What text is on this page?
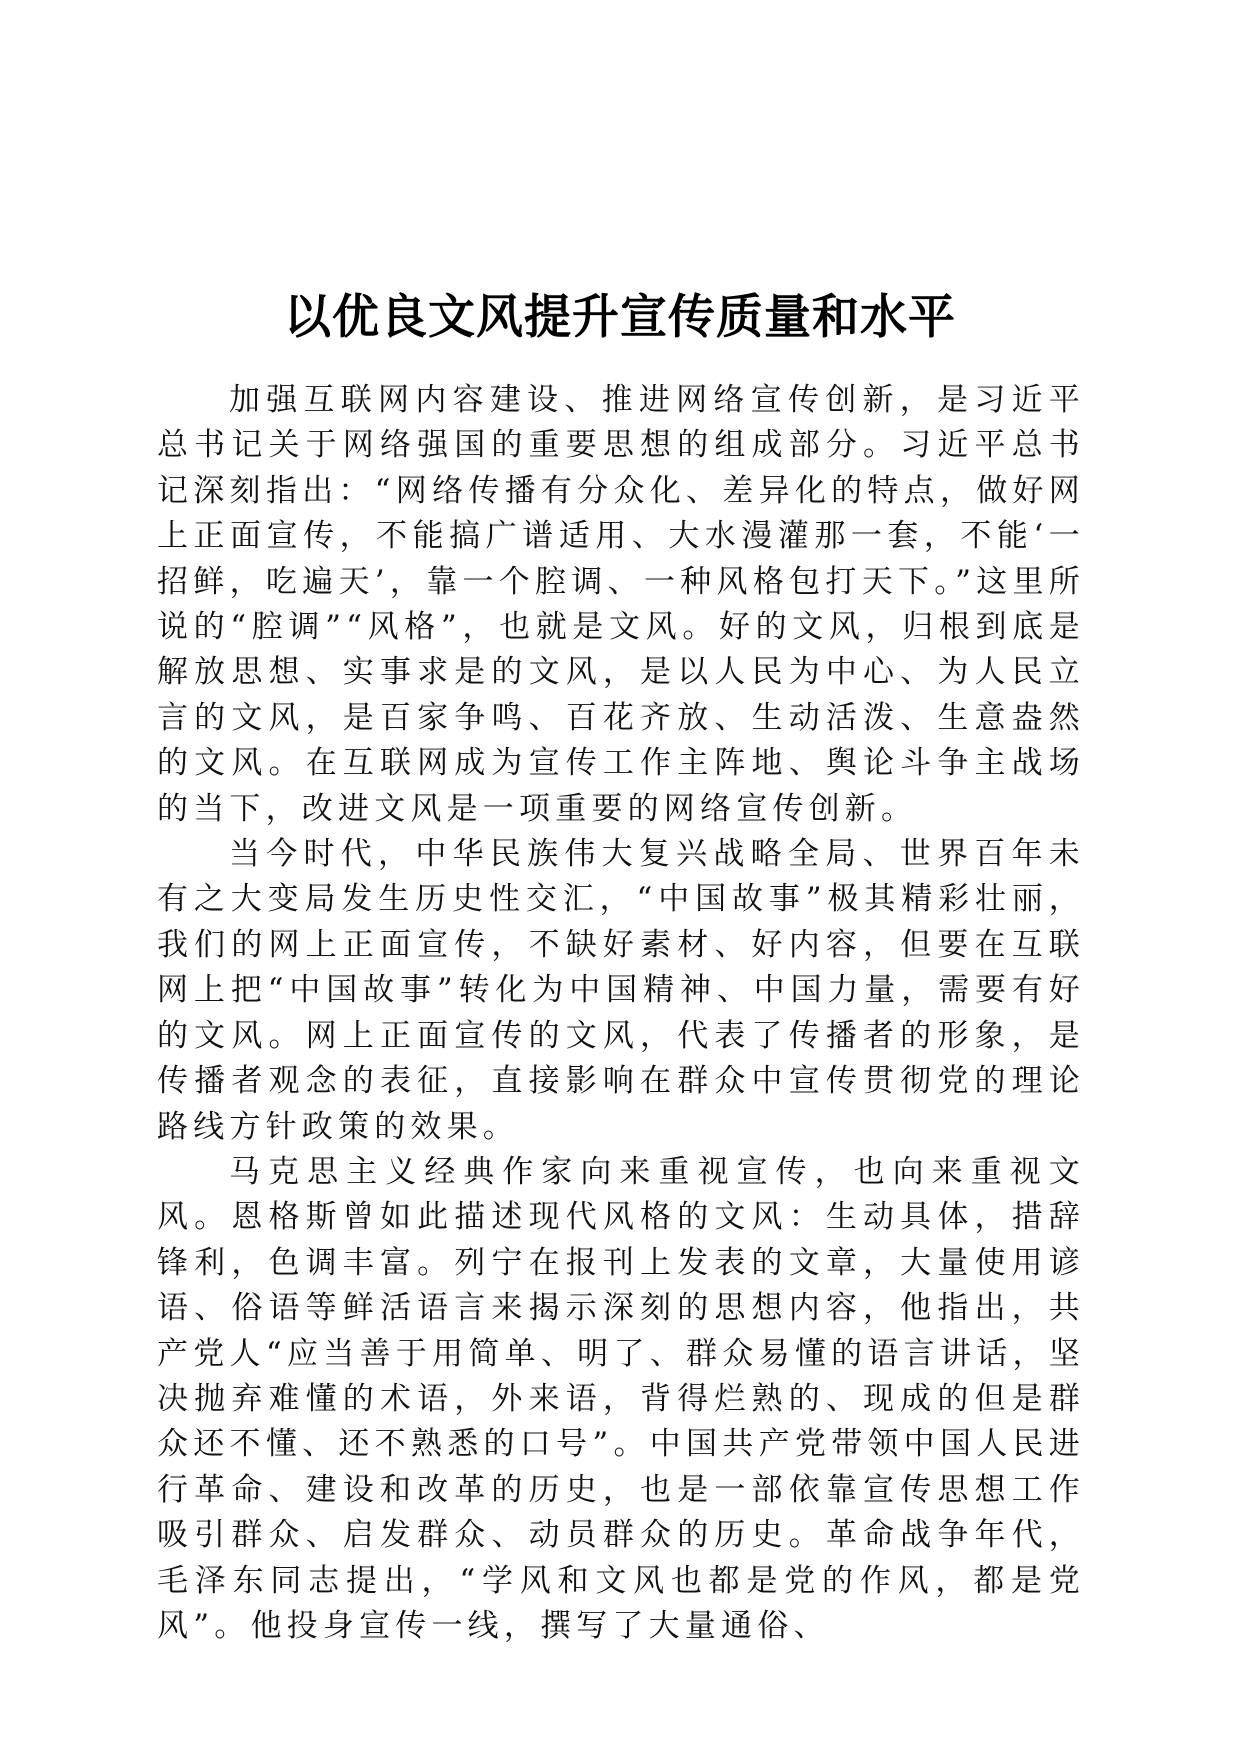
以优良文风提升宣传质量和水平

加强互联网内容建设、推进网络宣传创新，是习近平总书记关于网络强国的重要思想的组成部分。习近平总书记深刻指出：“网络传播有分众化、差异化的特点，做好网上正面宣传，不能搞广谱适用、大水漫灌那一套，不能‘一招鲜，吃遍天’，靠一个腔调、一种风格包打天下。”这里所说的“腔调”“风格”，也就是文风。好的文风，归根到底是解放思想、实事求是的文风，是以人民为中心、为人民立言的文风，是百家争鸣、百花齐放、生动活泼、生意盎然的文风。在互联网成为宣传工作主阵地、舆论斗争主战场的当下，改进文风是一项重要的网络宣传创新。

当今时代，中华民族伟大复兴战略全局、世界百年未有之大变局发生历史性交汇，“中国故事”极其精彩壮丽，我们的网上正面宣传，不缺好素材、好内容，但要在互联网上把“中国故事”转化为中国精神、中国力量，需要有好的文风。网上正面宣传的文风，代表了传播者的形象，是传播者观念的表征，直接影响在群众中宣传贯彻党的理论路线方针政策的效果。

马克思主义经典作家向来重视宣传，也向来重视文风。恩格斯曾如此描述现代风格的文风：生动具体，措辞锋利，色调丰富。列宁在报刊上发表的文章，大量使用谚语、俗语等鲜活语言来揭示深刻的思想内容，他指出，共产党人“应当善于用简单、明了、群众易懂的语言讲话，坚决抛弃难懂的术语，外来语，背得烂熟的、现成的但是群众还不懂、还不熟悉的口号”。中国共产党带领中国人民进行革命、建设和改革的历史，也是一部依靠宣传思想工作吸引群众、启发群众、动员群众的历史。革命战争年代，毛泽东同志提出，“学风和文风也都是党的作风，都是党风”。他投身宣传一线，撰写了大量通俗、
